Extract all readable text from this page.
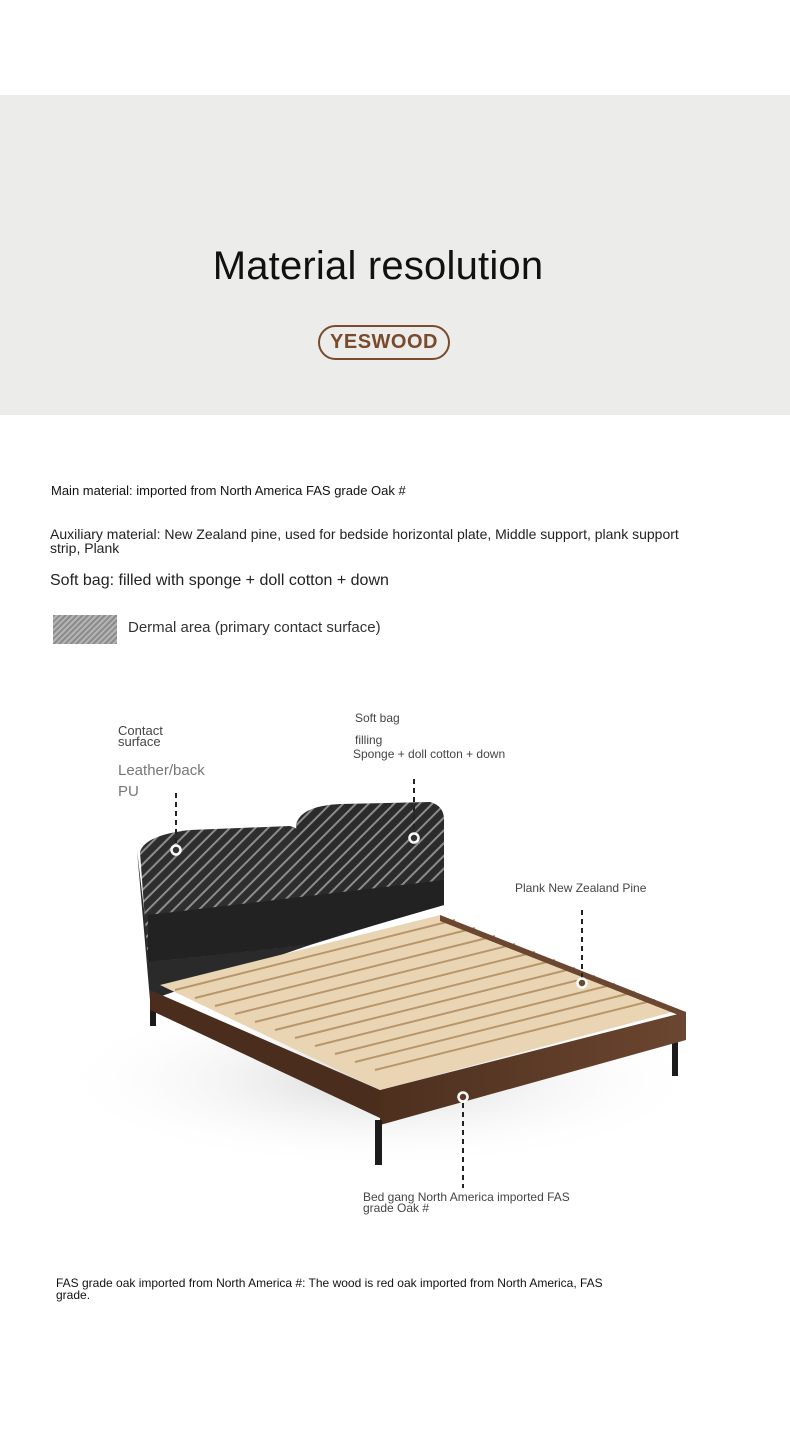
Material resolution
YESWOOD
Main material: imported from North America FAS grade Oak #
Auxiliary material: New Zealand pine, used for bedside horizontal plate, Middle support, plank support strip, Plank
Soft bag: filled with sponge + doll cotton + down
Dermal area (primary contact surface)
Contact surface
Leather/back
PU
Soft bag
filling
Sponge + doll cotton + down
Plank New Zealand Pine
Bed gang North America imported FAS grade Oak #
FAS grade oak imported from North America #: The wood is red oak imported from North America, FAS grade.
